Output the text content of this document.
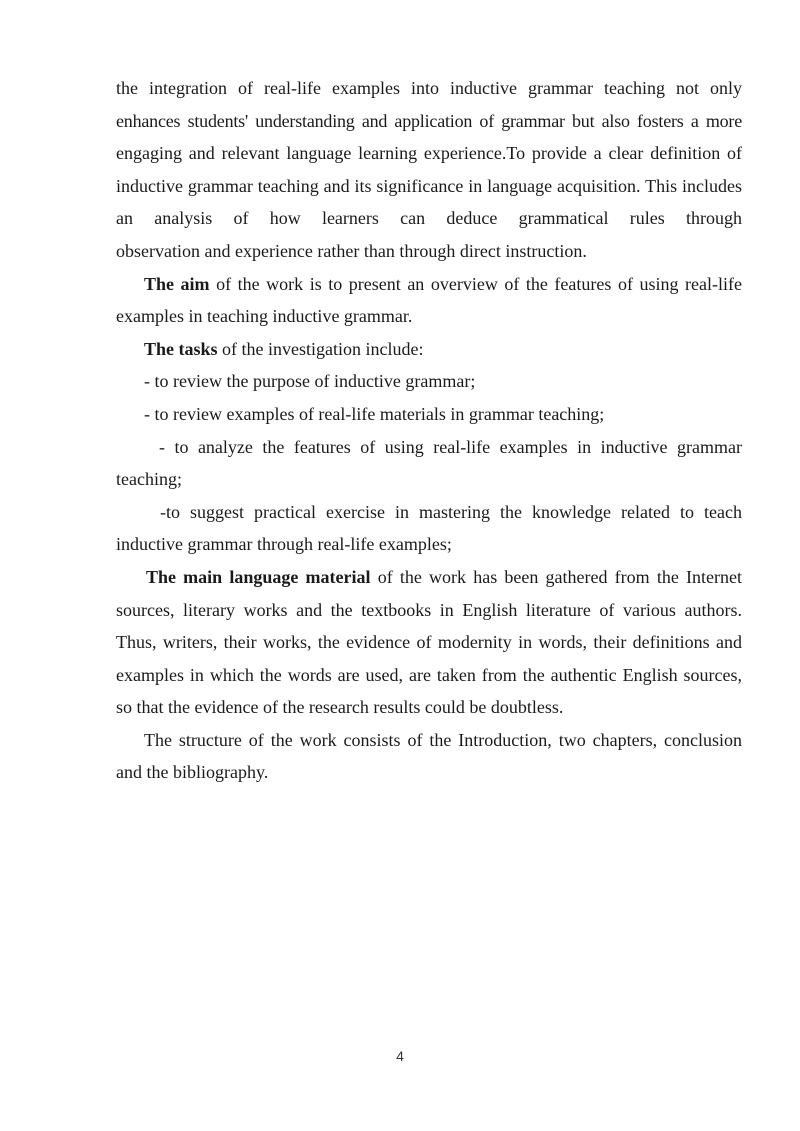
the integration of real-life examples into inductive grammar teaching not only

enhances students' understanding and application of grammar but also fosters a more

engaging and relevant language learning experience.To provide a clear definition of inductive grammar teaching and its significance in language acquisition. This includes an analysis of how learners can deduce grammatical rules through

observation and experience rather than through direct instruction.

The aim of the work is to present an overview of the features of using real-life examples in teaching inductive grammar.

The tasks of the investigation include:

- to review the purpose of inductive grammar;

- to review examples of real-life materials in grammar teaching;

- to analyze the features of using real-life examples in inductive grammar teaching;

-to suggest practical exercise in mastering the knowledge related to teach inductive grammar through real-life examples;

The main language material of the work has been gathered from the Internet sources, literary works and the textbooks in English literature of various authors. Thus, writers, their works, the evidence of modernity in words, their definitions and examples in which the words are used, are taken from the authentic English sources, so that the evidence of the research results could be doubtless.

The structure of the work consists of the Introduction, two chapters, conclusion and the bibliography.

4
